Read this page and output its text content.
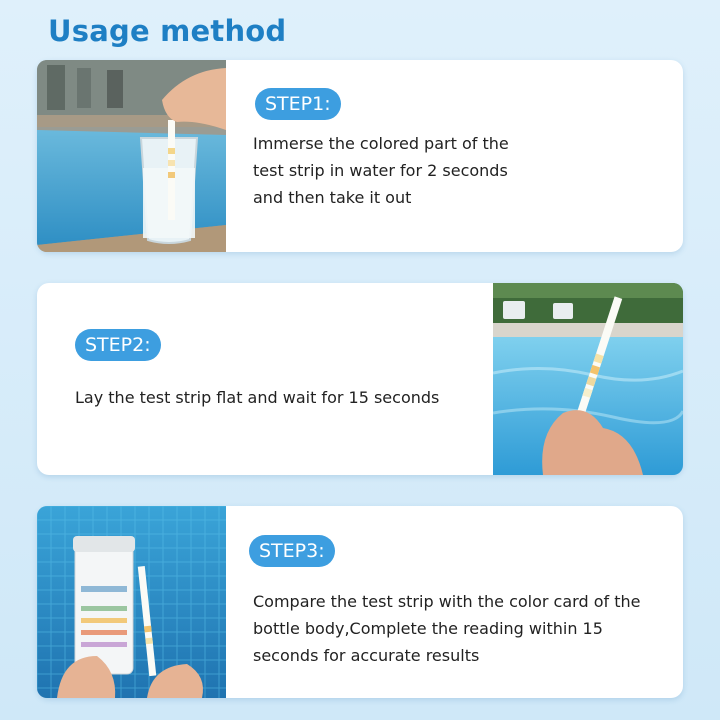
Usage method
STEP1:
Immerse the colored part of the
test strip in water for 2 seconds
and then take it out
STEP2:
Lay the test strip flat and wait for 15 seconds
STEP3:
Compare the test strip with the color card of the
bottle body,Complete the reading within 15
seconds for accurate results
